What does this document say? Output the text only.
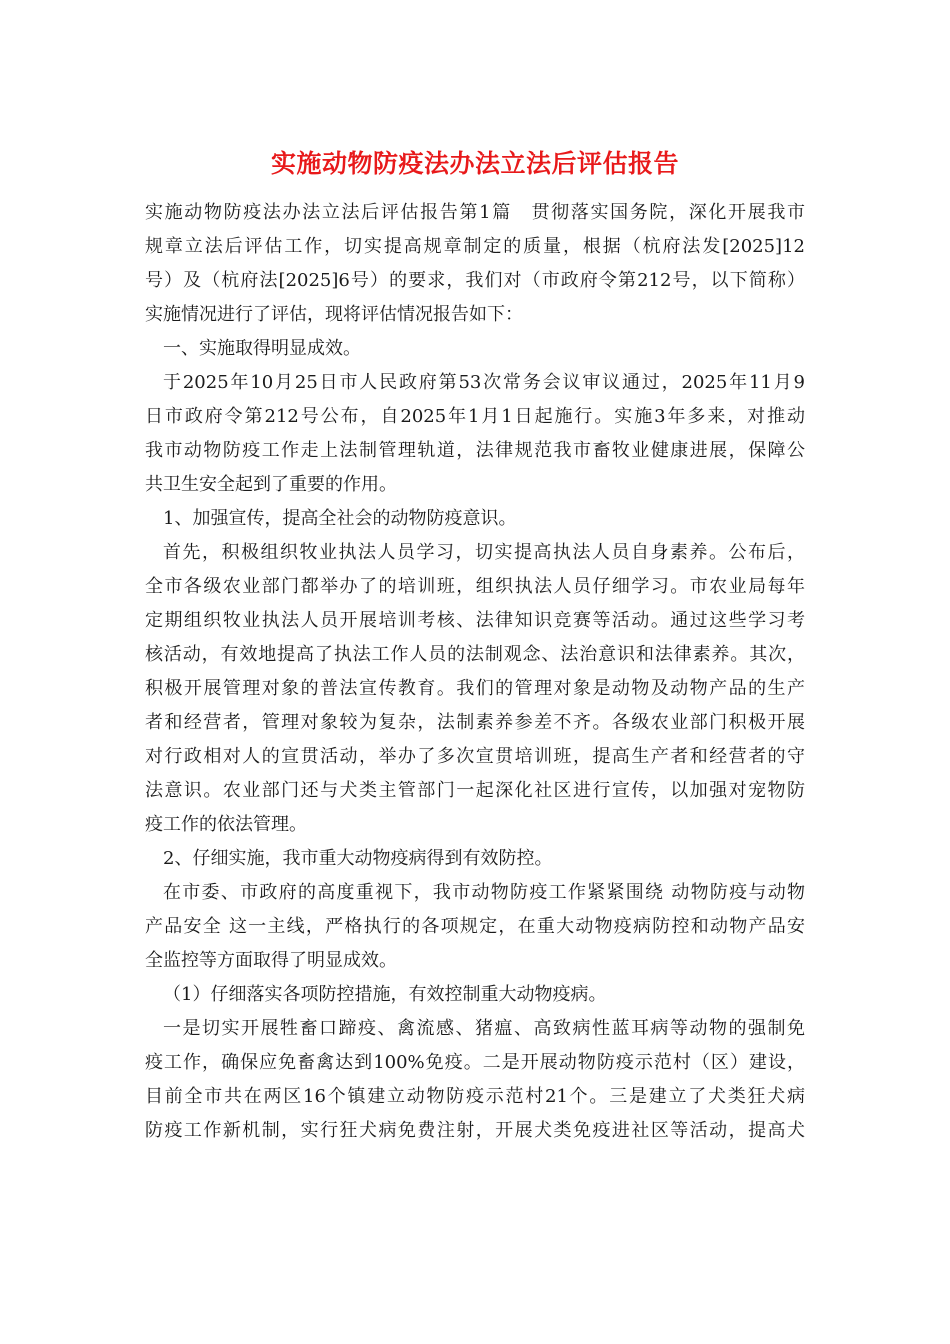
实施动物防疫法办法立法后评估报告
实施动物防疫法办法立法后评估报告第1篇　贯彻落实国务院，深化开展我市
规章立法后评估工作，切实提高规章制定的质量，根据（杭府法发[2025]12
号）及（杭府法[2025]6号）的要求，我们对（市政府令第212号，以下简称）
实施情况进行了评估，现将评估情况报告如下：
一、实施取得明显成效。
于2025年10月25日市人民政府第53次常务会议审议通过，2025年11月9
日市政府令第212号公布，自2025年1月1日起施行。实施3年多来，对推动
我市动物防疫工作走上法制管理轨道，法律规范我市畜牧业健康进展，保障公
共卫生安全起到了重要的作用。
1、加强宣传，提高全社会的动物防疫意识。
首先，积极组织牧业执法人员学习，切实提高执法人员自身素养。公布后，
全市各级农业部门都举办了的培训班，组织执法人员仔细学习。市农业局每年
定期组织牧业执法人员开展培训考核、法律知识竞赛等活动。通过这些学习考
核活动，有效地提高了执法工作人员的法制观念、法治意识和法律素养。其次，
积极开展管理对象的普法宣传教育。我们的管理对象是动物及动物产品的生产
者和经营者，管理对象较为复杂，法制素养参差不齐。各级农业部门积极开展
对行政相对人的宣贯活动，举办了多次宣贯培训班，提高生产者和经营者的守
法意识。农业部门还与犬类主管部门一起深化社区进行宣传，以加强对宠物防
疫工作的依法管理。
2、仔细实施，我市重大动物疫病得到有效防控。
在市委、市政府的高度重视下，我市动物防疫工作紧紧围绕 动物防疫与动物
产品安全 这一主线，严格执行的各项规定，在重大动物疫病防控和动物产品安
全监控等方面取得了明显成效。
（1）仔细落实各项防控措施，有效控制重大动物疫病。
一是切实开展牲畜口蹄疫、禽流感、猪瘟、高致病性蓝耳病等动物的强制免
疫工作，确保应免畜禽达到100%免疫。二是开展动物防疫示范村（区）建设，
目前全市共在两区16个镇建立动物防疫示范村21个。三是建立了犬类狂犬病
防疫工作新机制，实行狂犬病免费注射，开展犬类免疫进社区等活动，提高犬
